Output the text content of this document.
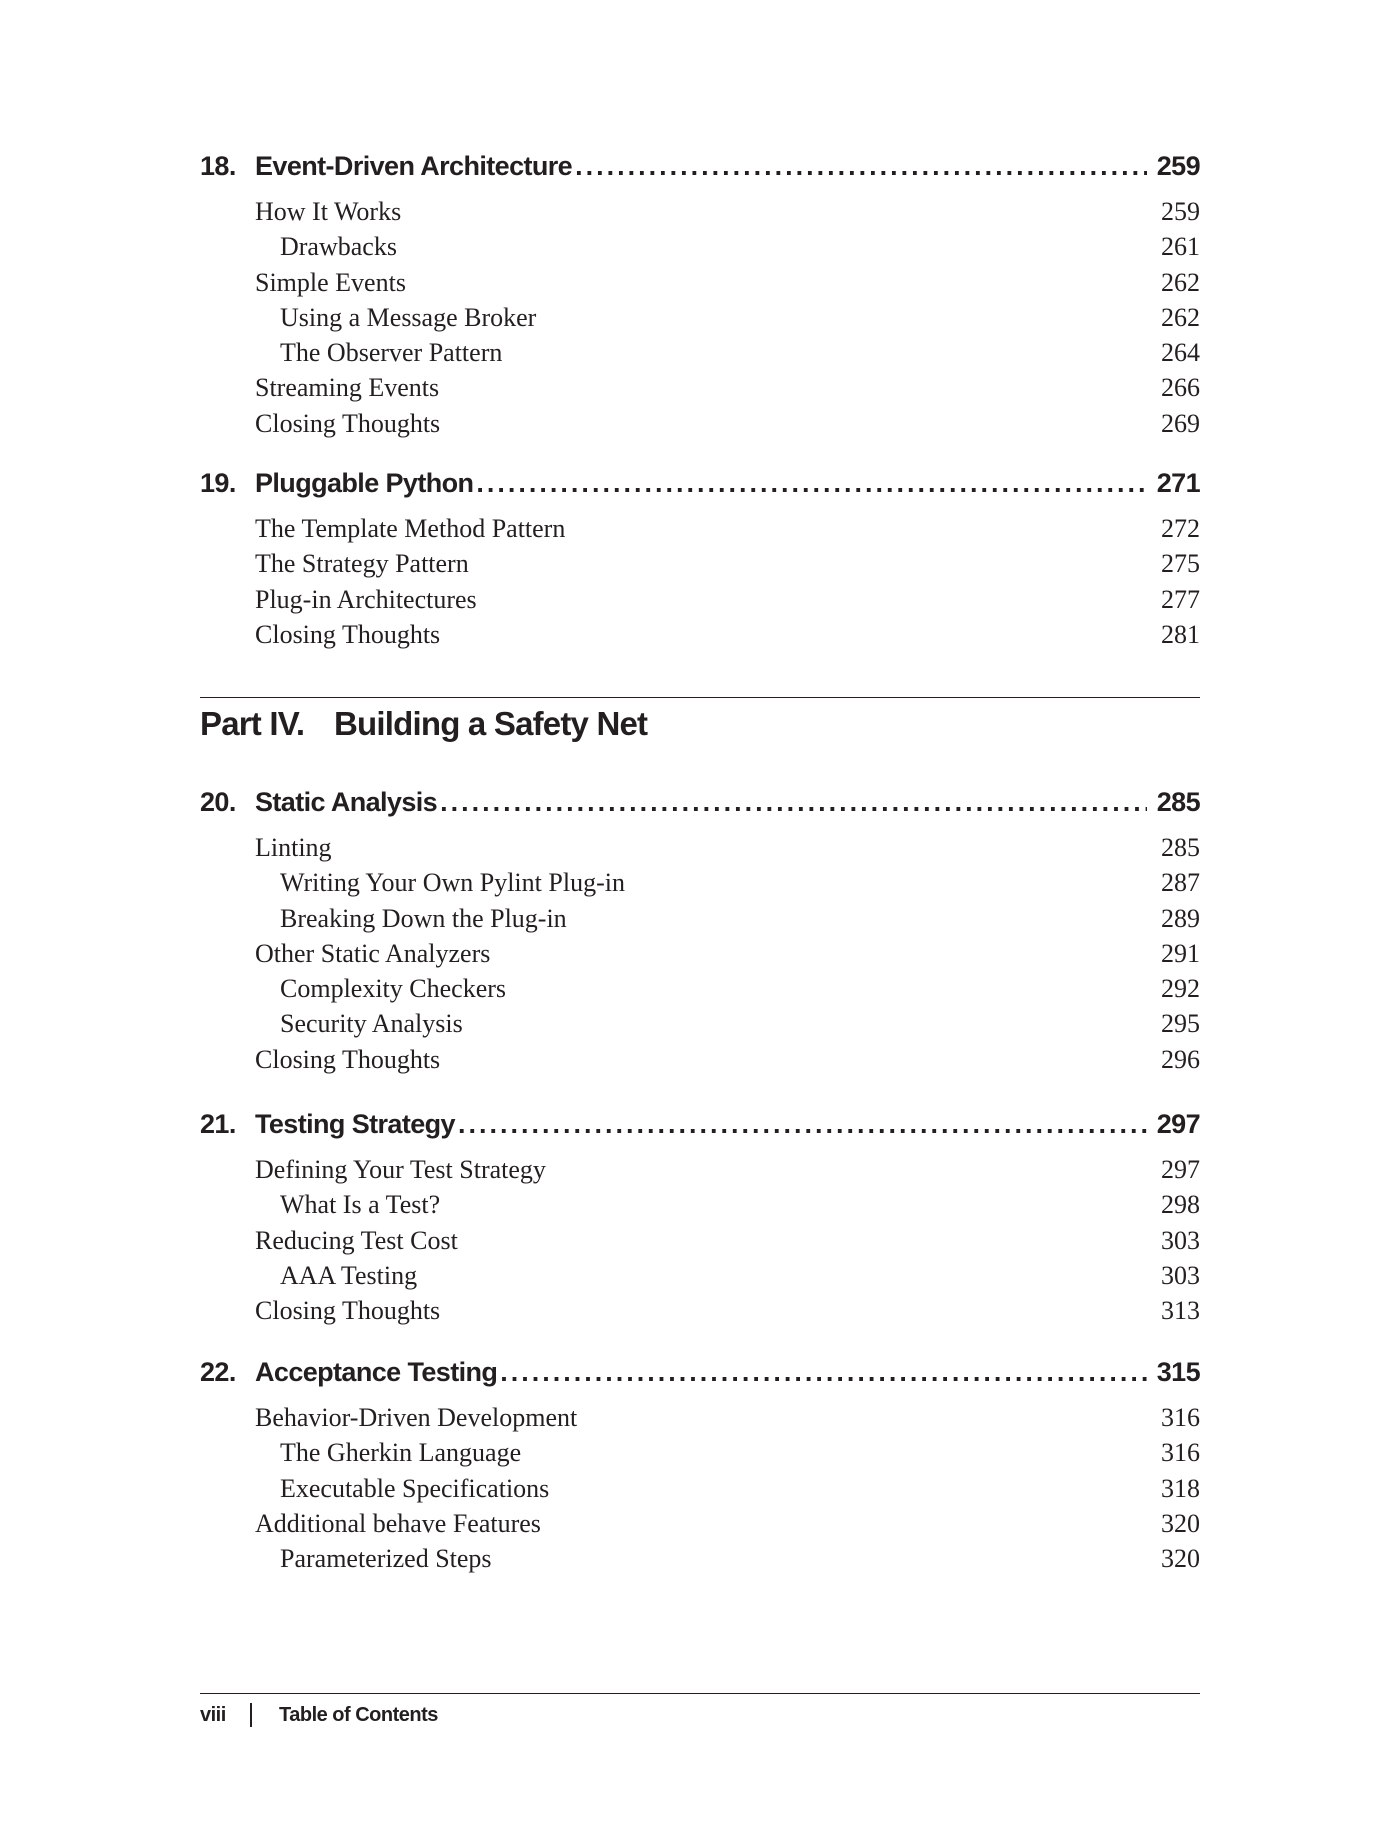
18. Event-Driven Architecture .....	259
How It Works	259
Drawbacks	261
Simple Events	262
Using a Message Broker	262
The Observer Pattern	264
Streaming Events	266
Closing Thoughts	269
19. Pluggable Python .....	271
The Template Method Pattern	272
The Strategy Pattern	275
Plug-in Architectures	277
Closing Thoughts	281
20. Static Analysis .....	285
Linting	285
Writing Your Own Pylint Plug-in	287
Breaking Down the Plug-in	289
Other Static Analyzers	291
Complexity Checkers	292
Security Analysis	295
Closing Thoughts	296
21. Testing Strategy .....	297
Defining Your Test Strategy	297
What Is a Test?	298
Reducing Test Cost	303
AAA Testing	303
Closing Thoughts	313
22. Acceptance Testing .....	315
Behavior-Driven Development	316
The Gherkin Language	316
Executable Specifications	318
Additional behave Features	320
Parameterized Steps	320
Part IV. Building a Safety Net
viii	Table of Contents
